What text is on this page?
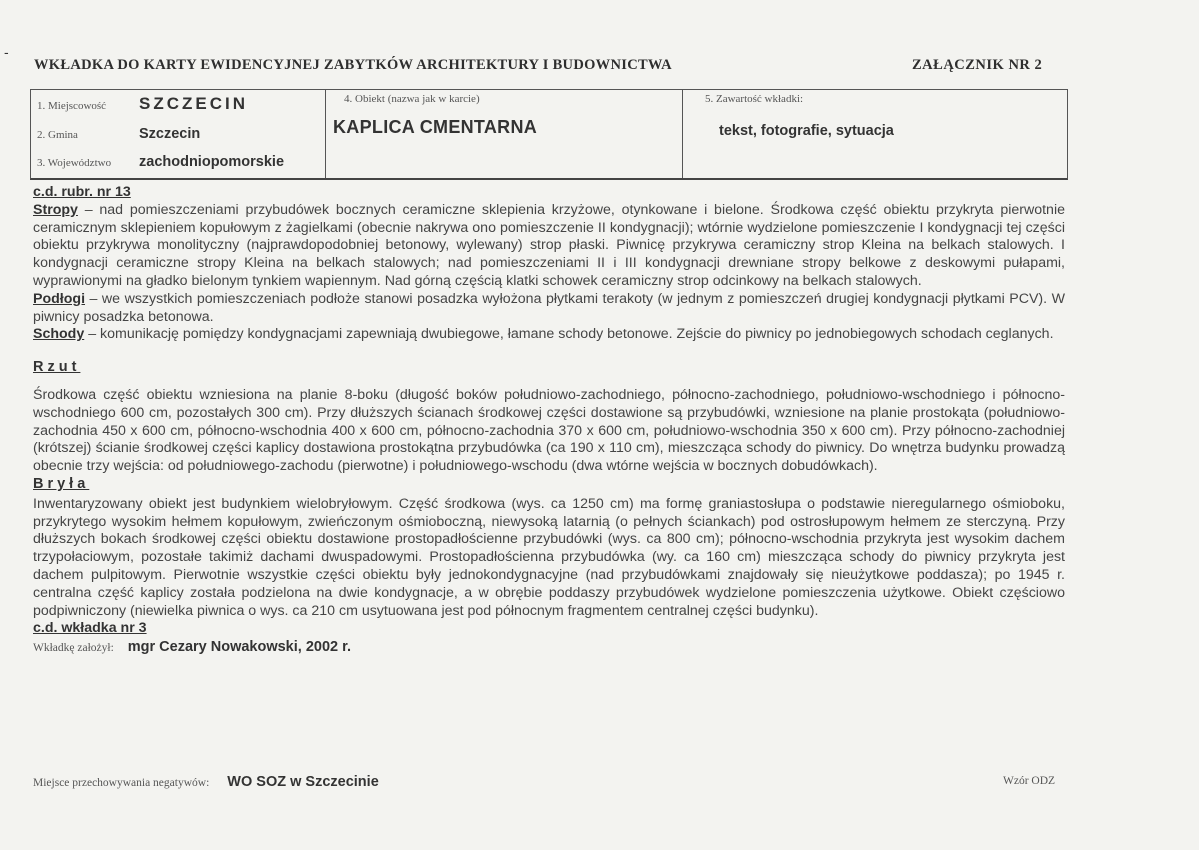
-
WKŁADKA DO KARTY EWIDENCYJNEJ ZABYTKÓW ARCHITEKTURY I BUDOWNICTWA	ZAŁĄCZNIK NR 2
1. Miejscowość SZCZECIN
2. Gmina	Szczecin
3. Województwo zachodniopomorskie
4. Obiekt (nazwa jak w karcie)
KAPLICA CMENTARNA
5. Zawartość wkładki:
tekst, fotografie, sytuacja
c.d. rubr. nr 13

Stropy – nad pomieszczeniami przybudówek bocznych ceramiczne sklepienia krzyżowe, otynkowane i bielone. Środkowa część obiektu przykryta pierwotnie ceramicznym sklepieniem kopułowym z żagielkami (obecnie nakrywa ono pomieszczenie II kondygnacji); wtórnie wydzielone pomieszczenie I kondygnacji tej części obiektu przykrywa monolityczny (najprawdopodobniej betonowy, wylewany) strop płaski. Piwnicę przykrywa ceramiczny strop Kleina na belkach stalowych. I kondygnacji ceramiczne stropy Kleina na belkach stalowych; nad pomieszczeniami II i III kondygnacji drewniane stropy belkowe z deskowymi pułapami, wyprawionymi na gładko bielonym tynkiem wapiennym. Nad górną częścią klatki schowek ceramiczny strop odcinkowy na belkach stalowych.

Podłogi – we wszystkich pomieszczeniach podłoże stanowi posadzka wyłożona płytkami terakoty (w jednym z pomieszczeń drugiej kondygnacji płytkami PCV). W piwnicy posadzka betonowa.

Schody – komunikację pomiędzy kondygnacjami zapewniają dwubiegowe, łamane schody betonowe. Zejście do piwnicy po jednobiegowych schodach ceglanych.

Rzut

Środkowa część obiektu wzniesiona na planie 8-boku (długość boków południowo-zachodniego, północno-zachodniego, południowo-wschodniego i północno-wschodniego 600 cm, pozostałych 300 cm). Przy dłuższych ścianach środkowej części dostawione są przybudówki, wzniesione na planie prostokąta (południowo-zachodnia 450 x 600 cm, północno-wschodnia 400 x 600 cm, północno-zachodnia 370 x 600 cm, południowo-wschodnia 350 x 600 cm). Przy północno-zachodniej (krótszej) ścianie środkowej części kaplicy dostawiona prostokątna przybudówka (ca 190 x 110 cm), mieszcząca schody do piwnicy. Do wnętrza budynku prowadzą obecnie trzy wejścia: od południowego-zachodu (pierwotne) i południowego-wschodu (dwa wtórne wejścia w bocznych dobudówkach).

Bryła

Inwentaryzowany obiekt jest budynkiem wielobryłowym. Część środkowa (wys. ca 1250 cm) ma formę graniastosłupa o podstawie nieregularnego ośmioboku, przykrytego wysokim hełmem kopułowym, zwieńczonym ośmioboczną, niewysoką latarnią (o pełnych ściankach) pod ostrosłupowym hełmem ze sterczyną. Przy dłuższych bokach środkowej części obiektu dostawione prostopadłościenne przybudówki (wys. ca 800 cm); północno-wschodnia przykryta jest wysokim dachem trzypołaciowym, pozostałe takimiż dachami dwuspadowymi. Prostopadłościenna przybudówka (wy. ca 160 cm) mieszcząca schody do piwnicy przykryta jest dachem pulpitowym. Pierwotnie wszystkie części obiektu były jednokondygnacyjne (nad przybudówkami znajdowały się nieużytkowe poddasza); po 1945 r. centralna część kaplicy została podzielona na dwie kondygnacje, a w obrębie poddaszy przybudówek wydzielone pomieszczenia użytkowe. Obiekt częściowo podpiwniczony (niewielka piwnica o wys. ca 210 cm usytuowana jest pod północnym fragmentem centralnej części budynku).

c.d. wkładka nr 3
Wkładkę założył: mgr Cezary Nowakowski, 2002 r.
Miejsce przechowywania negatywów: WO SOZ w Szczecinie	Wzór ODZ
